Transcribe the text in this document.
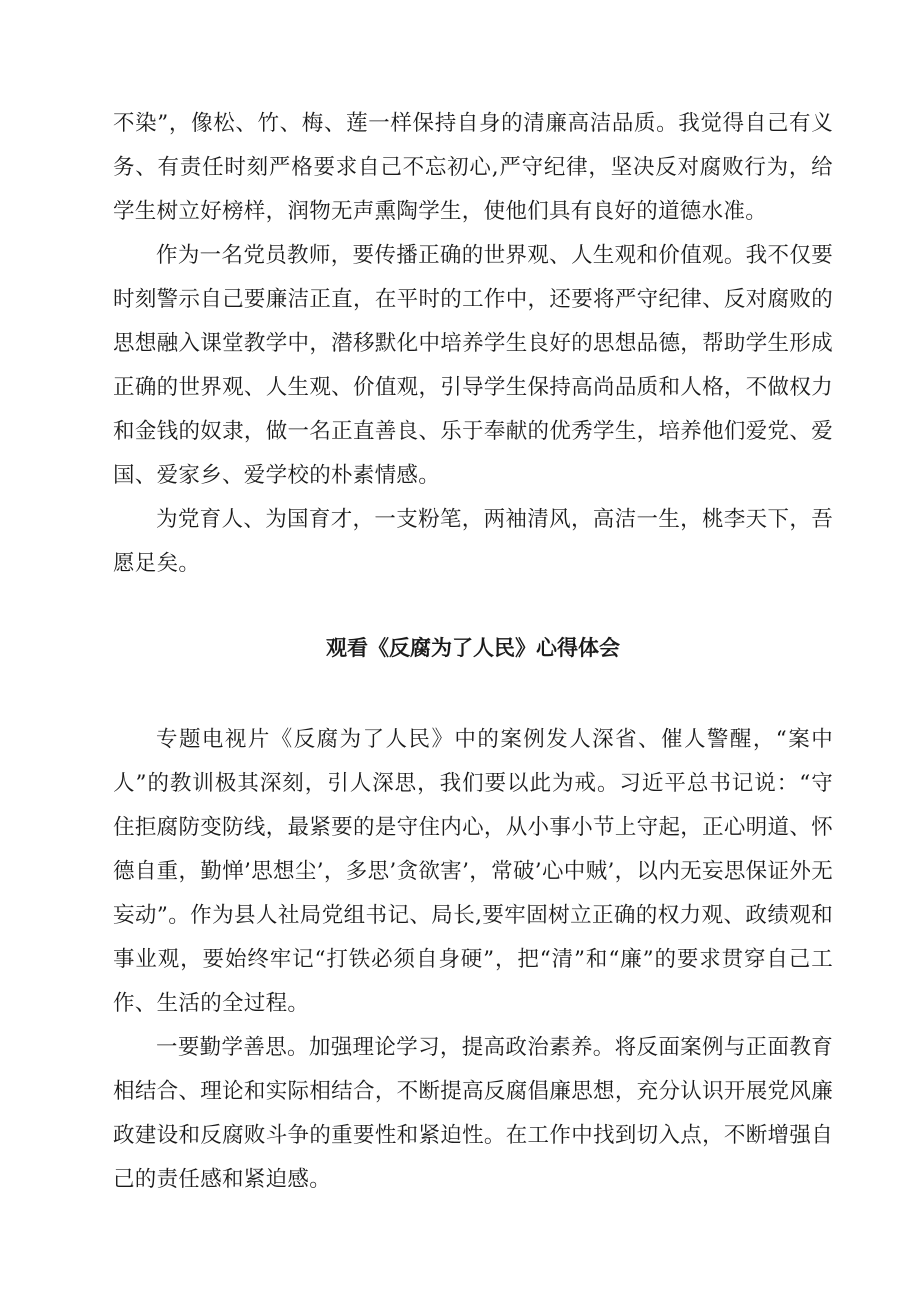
不染”，像松、竹、梅、莲一样保持自身的清廉高洁品质。我觉得自己有义务、有责任时刻严格要求自己不忘初心,严守纪律，坚决反对腐败行为，给学生树立好榜样，润物无声熏陶学生，使他们具有良好的道德水准。

作为一名党员教师，要传播正确的世界观、人生观和价值观。我不仅要时刻警示自己要廉洁正直，在平时的工作中，还要将严守纪律、反对腐败的思想融入课堂教学中，潜移默化中培养学生良好的思想品德，帮助学生形成正确的世界观、人生观、价值观，引导学生保持高尚品质和人格，不做权力和金钱的奴隶，做一名正直善良、乐于奉献的优秀学生，培养他们爱党、爱国、爱家乡、爱学校的朴素情感。

为党育人、为国育才，一支粉笔，两袖清风，高洁一生，桃李天下，吾愿足矣。

观看《反腐为了人民》心得体会

专题电视片《反腐为了人民》中的案例发人深省、催人警醒，“案中人”的教训极其深刻，引人深思，我们要以此为戒。习近平总书记说：“守住拒腐防变防线，最紧要的是守住内心，从小事小节上守起，正心明道、怀德自重，勤惮’思想尘’，多思’贪欲害’，常破’心中贼’，以内无妄思保证外无妄动”。作为县人社局党组书记、局长,要牢固树立正确的权力观、政绩观和事业观，要始终牢记“打铁必须自身硬”，把“清”和“廉”的要求贯穿自己工作、生活的全过程。

一要勤学善思。加强理论学习，提高政治素养。将反面案例与正面教育相结合、理论和实际相结合，不断提高反腐倡廉思想，充分认识开展党风廉政建设和反腐败斗争的重要性和紧迫性。在工作中找到切入点，不断增强自己的责任感和紧迫感。
